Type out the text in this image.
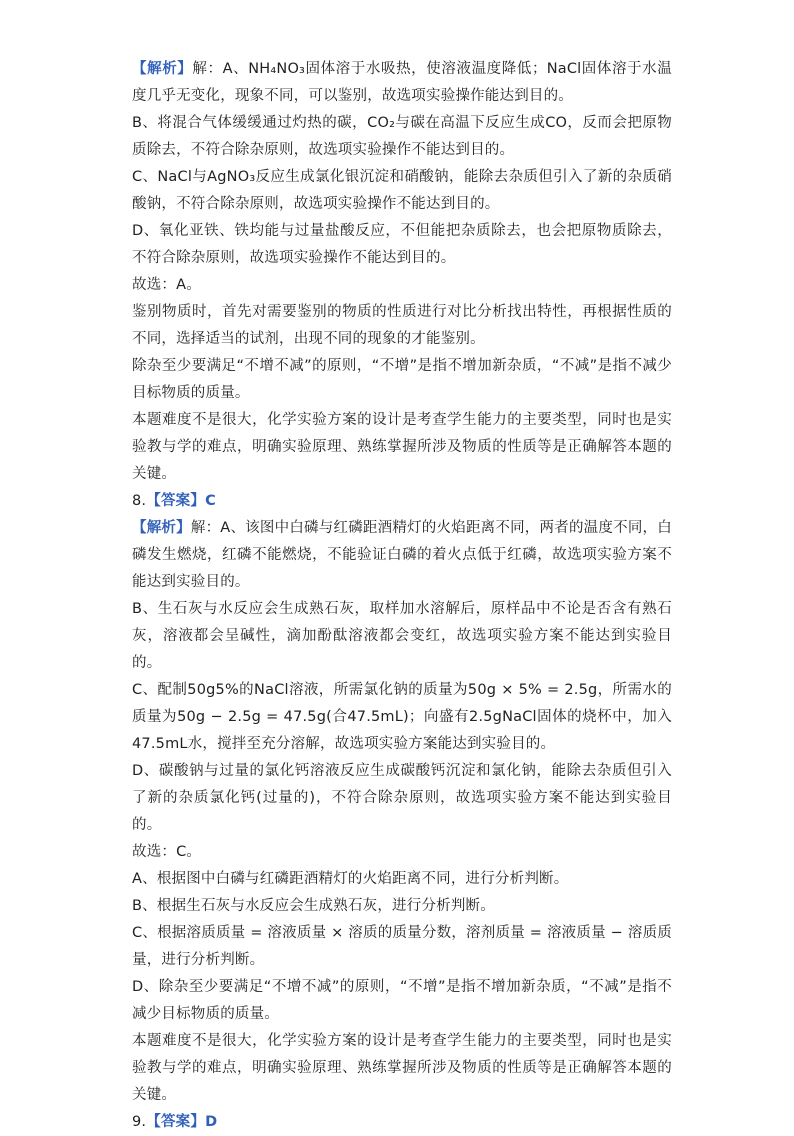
【解析】解：A、NH₄NO₃固体溶于水吸热，使溶液温度降低；NaCl固体溶于水温度几乎无变化，现象不同，可以鉴别，故选项实验操作能达到目的。

B、将混合气体缓缓通过灼热的碳，CO₂与碳在高温下反应生成CO，反而会把原物质除去，不符合除杂原则，故选项实验操作不能达到目的。

C、NaCl与AgNO₃反应生成氯化银沉淀和硝酸钠，能除去杂质但引入了新的杂质硝酸钠，不符合除杂原则，故选项实验操作不能达到目的。

D、氧化亚铁、铁均能与过量盐酸反应，不但能把杂质除去，也会把原物质除去，不符合除杂原则，故选项实验操作不能达到目的。

故选：A。

鉴别物质时，首先对需要鉴别的物质的性质进行对比分析找出特性，再根据性质的不同，选择适当的试剂，出现不同的现象的才能鉴别。

除杂至少要满足“不增不减”的原则，“不增”是指不增加新杂质，“不减”是指不减少目标物质的质量。

本题难度不是很大，化学实验方案的设计是考查学生能力的主要类型，同时也是实验教与学的难点，明确实验原理、熟练掌握所涉及物质的性质等是正确解答本题的关键。

8.【答案】C

【解析】解：A、该图中白磷与红磷距酒精灯的火焰距离不同，两者的温度不同，白磷发生燃烧，红磷不能燃烧，不能验证白磷的着火点低于红磷，故选项实验方案不能达到实验目的。

B、生石灰与水反应会生成熟石灰，取样加水溶解后，原样品中不论是否含有熟石灰，溶液都会呈碱性，滴加酚酞溶液都会变红，故选项实验方案不能达到实验目的。

C、配制50g5%的NaCl溶液，所需氯化钠的质量为50g × 5% = 2.5g，所需水的质量为50g − 2.5g = 47.5g(合47.5mL)；向盛有2.5gNaCl固体的烧杯中，加入47.5mL水，搅拌至充分溶解，故选项实验方案能达到实验目的。

D、碳酸钠与过量的氯化钙溶液反应生成碳酸钙沉淀和氯化钠，能除去杂质但引入了新的杂质氯化钙(过量的)，不符合除杂原则，故选项实验方案不能达到实验目的。

故选：C。

A、根据图中白磷与红磷距酒精灯的火焰距离不同，进行分析判断。

B、根据生石灰与水反应会生成熟石灰，进行分析判断。

C、根据溶质质量 = 溶液质量 × 溶质的质量分数，溶剂质量 = 溶液质量 − 溶质质量，进行分析判断。

D、除杂至少要满足“不增不减”的原则，“不增”是指不增加新杂质，“不减”是指不减少目标物质的质量。

本题难度不是很大，化学实验方案的设计是考查学生能力的主要类型，同时也是实验教与学的难点，明确实验原理、熟练掌握所涉及物质的性质等是正确解答本题的关键。

9.【答案】D
